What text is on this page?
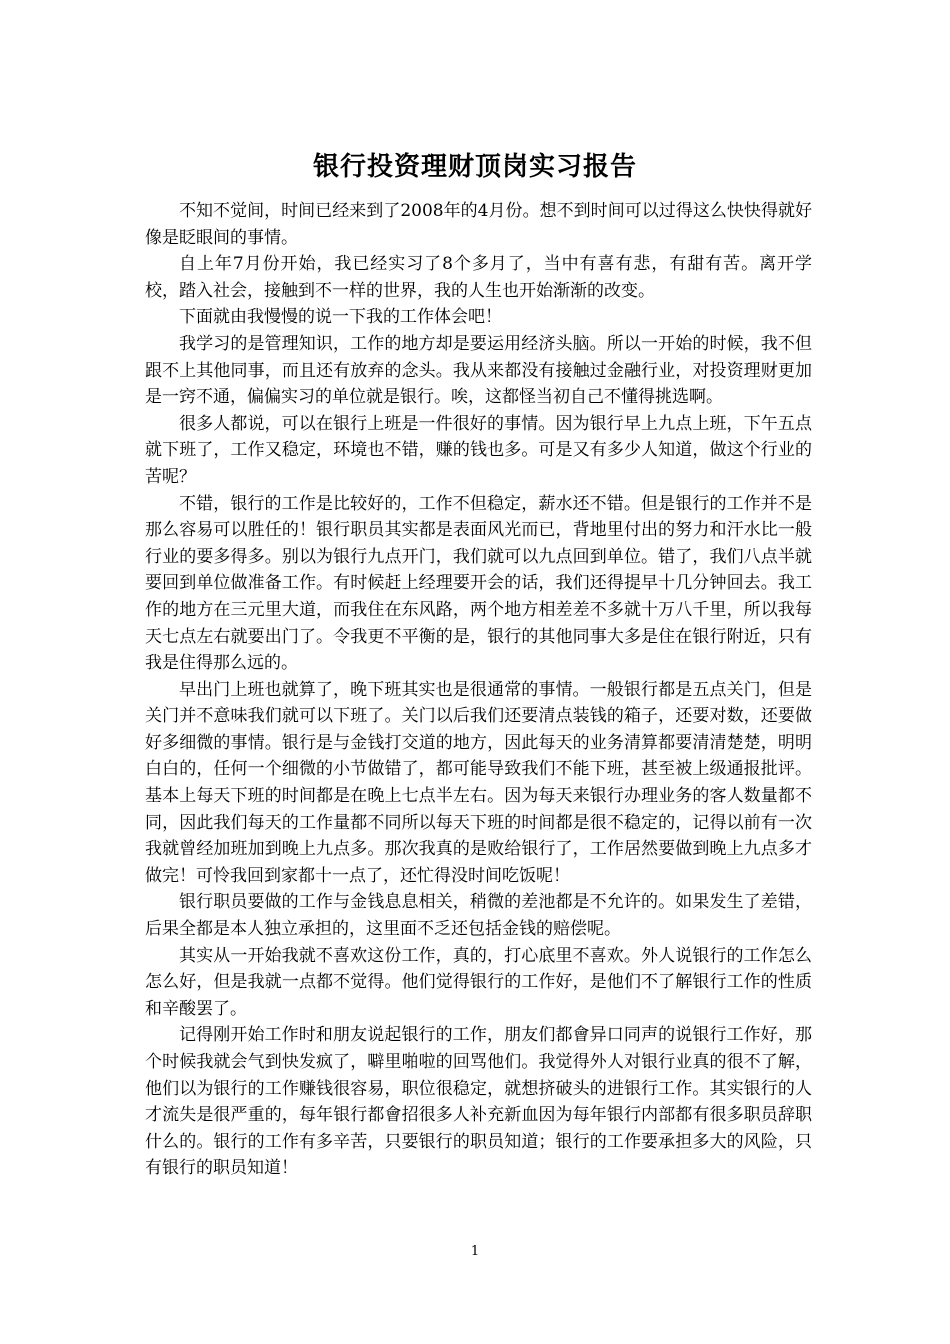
银行投资理财顶岗实习报告

不知不觉间，时间已经来到了2008年的4月份。想不到时间可以过得这么快快得就好像是眨眼间的事情。

自上年7月份开始，我已经实习了8个多月了，当中有喜有悲，有甜有苦。离开学校，踏入社会，接触到不一样的世界，我的人生也开始渐渐的改变。

下面就由我慢慢的说一下我的工作体会吧！

我学习的是管理知识，工作的地方却是要运用经济头脑。所以一开始的时候，我不但跟不上其他同事，而且还有放弃的念头。我从来都没有接触过金融行业，对投资理财更加是一窍不通，偏偏实习的单位就是银行。唉，这都怪当初自己不懂得挑选啊。

很多人都说，可以在银行上班是一件很好的事情。因为银行早上九点上班，下午五点就下班了，工作又稳定，环境也不错，赚的钱也多。可是又有多少人知道，做这个行业的苦呢？

不错，银行的工作是比较好的，工作不但稳定，薪水还不错。但是银行的工作并不是那么容易可以胜任的！银行职员其实都是表面风光而已，背地里付出的努力和汗水比一般行业的要多得多。别以为银行九点开门，我们就可以九点回到单位。错了，我们八点半就要回到单位做准备工作。有时候赶上经理要开会的话，我们还得提早十几分钟回去。我工作的地方在三元里大道，而我住在东风路，两个地方相差差不多就十万八千里，所以我每天七点左右就要出门了。令我更不平衡的是，银行的其他同事大多是住在银行附近，只有我是住得那么远的。

早出门上班也就算了，晚下班其实也是很通常的事情。一般银行都是五点关门，但是关门并不意味我们就可以下班了。关门以后我们还要清点装钱的箱子，还要对数，还要做好多细微的事情。银行是与金钱打交道的地方，因此每天的业务清算都要清清楚楚，明明白白的，任何一个细微的小节做错了，都可能导致我们不能下班，甚至被上级通报批评。基本上每天下班的时间都是在晚上七点半左右。因为每天来银行办理业务的客人数量都不同，因此我们每天的工作量都不同所以每天下班的时间都是很不稳定的，记得以前有一次我就曾经加班加到晚上九点多。那次我真的是败给银行了，工作居然要做到晚上九点多才做完！可怜我回到家都十一点了，还忙得没时间吃饭呢！

银行职员要做的工作与金钱息息相关，稍微的差池都是不允许的。如果发生了差错，后果全都是本人独立承担的，这里面不乏还包括金钱的赔偿呢。

其实从一开始我就不喜欢这份工作，真的，打心底里不喜欢。外人说银行的工作怎么怎么好，但是我就一点都不觉得。他们觉得银行的工作好，是他们不了解银行工作的性质和辛酸罢了。

记得刚开始工作时和朋友说起银行的工作，朋友们都會异口同声的说银行工作好，那个时候我就会气到快发疯了，噼里啪啦的回骂他们。我觉得外人对银行业真的很不了解，他们以为银行的工作赚钱很容易，职位很稳定，就想挤破头的进银行工作。其实银行的人才流失是很严重的，每年银行都會招很多人补充新血因为每年银行内部都有很多职员辞职什么的。银行的工作有多辛苦，只要银行的职员知道；银行的工作要承担多大的风险，只有银行的职员知道！

1
